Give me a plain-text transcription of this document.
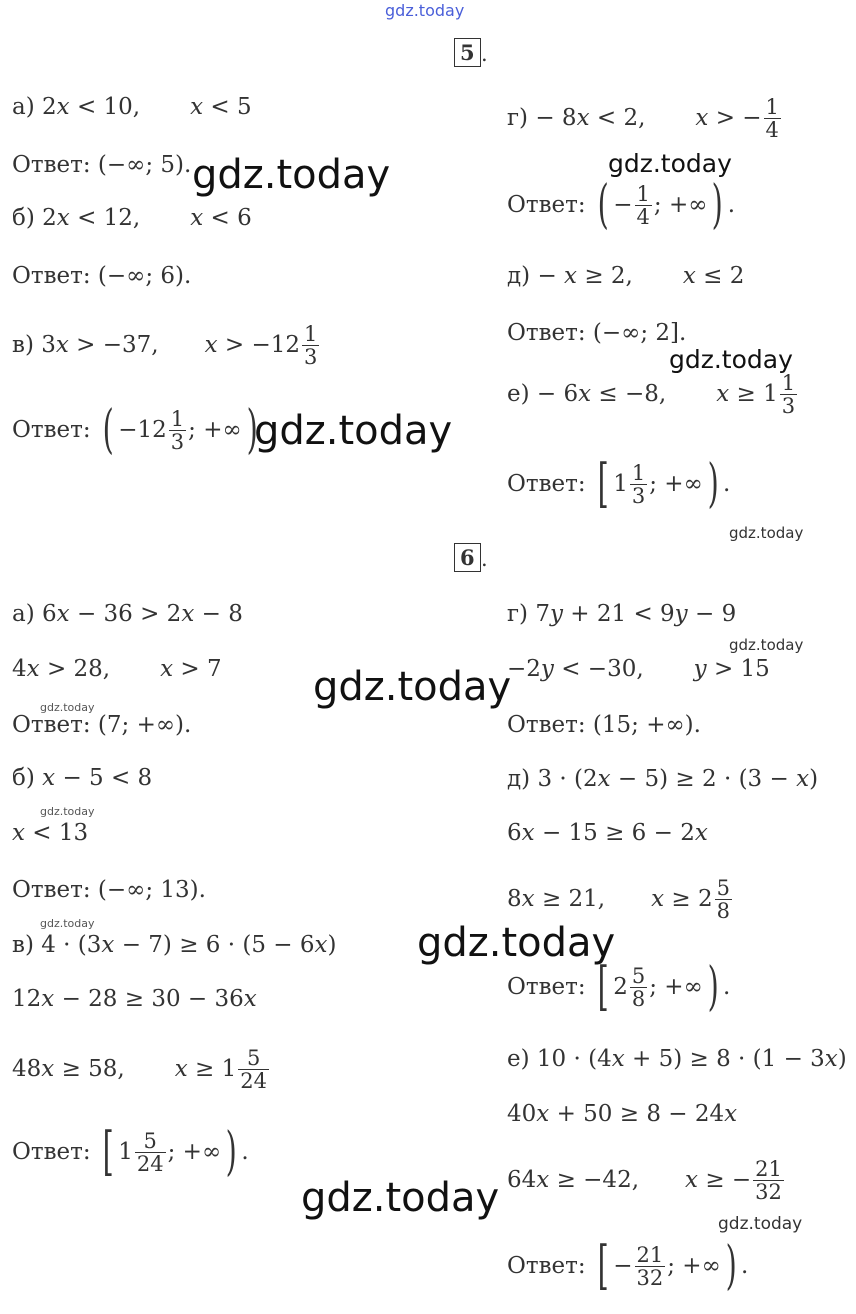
gdz.today
gdz.today	gdz.today
gdz.today
gdz.today
gdz.today
gdz.today
gdz.today
gdz.today
gdz.today
gdz.today	gdz.today
gdz.today
gdz.today
5 .
6 .
а) 2 x
< 10, x
< 5
Ответ: (−∞; 5).
б) 2 x
< 12, x
< 6
Ответ: (−∞; 6).
в) 3 x
> −37, x
> $-12 \frac{1}{3}$
Ответ:
( $-12 \frac{1}{3}$ ; +∞ )
г) − 8 x
< 2, x
> − $\frac{1}{4}$
Ответ:
( − $\frac{1}{4}$ ; +∞ ) .
д) −
x
≥ 2, x
≤ 2
Ответ: (−∞; 2].
е) − 6 x
≤ −8, x
≥ $1 \frac{1}{3}$
Ответ:
[ $1 \frac{1}{3}$ ; +∞ ) .
а) 6 x
− 36 > 2 x
− 8
4 x
> 28, x
> 7
Ответ: (7; +∞).
б)
x
− 5 < 8
x
< 13
Ответ: (−∞; 13).
в) 4 · (3 x
− 7) ≥ 6 · (5 − 6 x )
12 x
− 28 ≥ 30 − 36 x
48 x
≥ 58, x
≥ $1 \frac{5}{24}$
Ответ:
[ $1 \frac{5}{24}$ ; +∞ ) .
г) 7 y
+ 21 < 9 y
− 9
−2 y
< −30, y
> 15
Ответ: (15; +∞).
д) 3 · (2 x
− 5) ≥ 2 · (3 −
x )
6 x
− 15 ≥ 6 − 2 x
8 x
≥ 21, x
≥ $2 \frac{5}{8}$
Ответ:
[ $2 \frac{5}{8}$ ; +∞ ) .
е) 10 · (4 x
+ 5) ≥ 8 · (1 − 3 x )
40 x
+ 50 ≥ 8 − 24 x
64 x
≥ −42, x
≥ − $\frac{21}{32}$
Ответ:
[ − $\frac{21}{32}$ ; +∞ ) .
